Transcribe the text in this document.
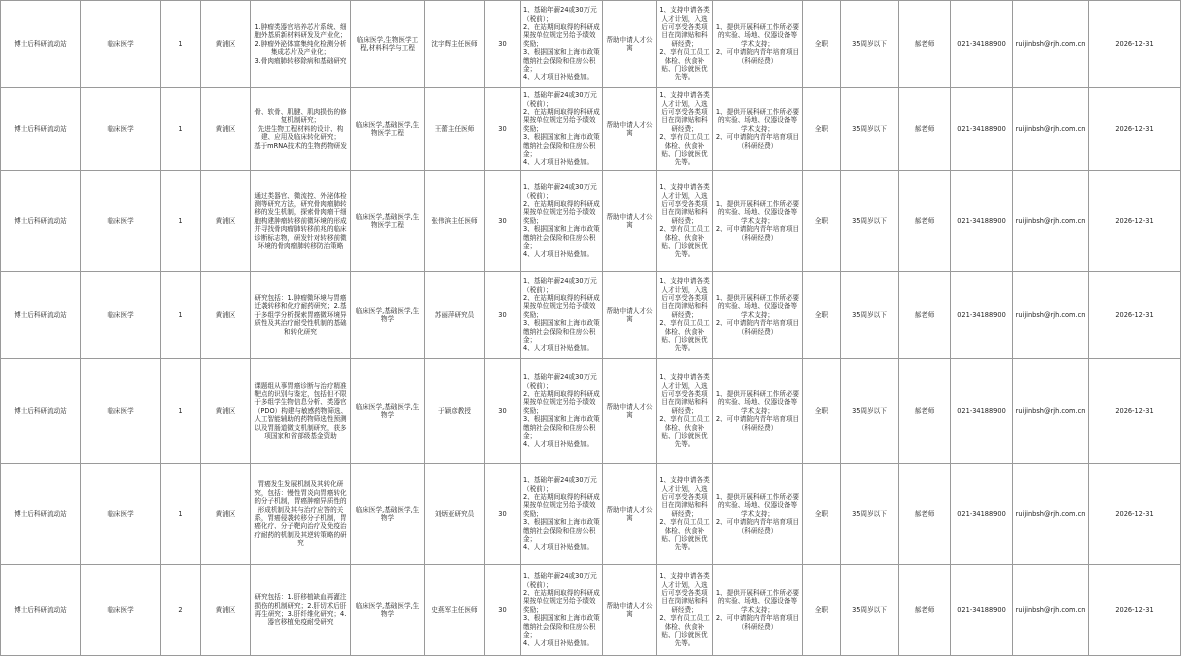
博士后科研流动站	临床医学	1	黄浦区	1.肿瘤类器官培养芯片系统、细胞外基质新材料研发及产业化；
2.肿瘤外泌体富集纯化检测分析集成芯片及产业化；
3.骨肉瘤肺转移除病和基础研究	临床医学,生物医学工程,材料科学与工程	沈宇辉主任医师	30	1、基础年薪24或30万元（税前）；
2、在站期间取得的科研成果按单位规定另给予绩效奖励；
3、根据国家和上海市政策缴纳社会保险和住房公积金；
4、人才项目补贴叠加。	帮助申请人才公寓	1、支持申请各类人才计划，入选后可享受各类项目在岗津贴和科研经费；
2、享有员工员工体检、伙食补贴、门诊就医优先等。	1、提供开展科研工作所必要的实验、场地、仪器设备等学术支持；
2、可申请院内青年培育项目（科研经费）	全职	35周岁以下	郝老师	021-34188900	ruijinbsh@rjh.com.cn	2026-12-31
博士后科研流动站	临床医学	1	黄浦区	骨、软骨、肌腱、肌肉损伤的修复机制研究；
先进生物工程材料的设计、构建、应用及临床转化研究；
基于mRNA技术的生物药物研发	临床医学,基础医学,生物医学工程	王蕾主任医师	30	1、基础年薪24或30万元（税前）；
2、在站期间取得的科研成果按单位规定另给予绩效奖励；
3、根据国家和上海市政策缴纳社会保险和住房公积金；
4、人才项目补贴叠加。	帮助申请人才公寓	1、支持申请各类人才计划，入选后可享受各类项目在岗津贴和科研经费；
2、享有员工员工体检、伙食补贴、门诊就医优先等。	1、提供开展科研工作所必要的实验、场地、仪器设备等学术支持；
2、可申请院内青年培育项目（科研经费）	全职	35周岁以下	郝老师	021-34188900	ruijinbsh@rjh.com.cn	2026-12-31
博士后科研流动站	临床医学	1	黄浦区	通过类器官、微流控、外泌体检测等研究方法，研究骨肉瘤肺转移的发生机制，探索骨肉瘤干细胞构建肿瘤转移前微环境的形成并寻找骨肉瘤肺转移前兆的临床诊断标志物，研发针对转移前微环境的骨肉瘤肺转移防治策略	临床医学,基础医学,生物医学工程	张伟滨主任医师	30	1、基础年薪24或30万元（税前）；
2、在站期间取得的科研成果按单位规定另给予绩效奖励；
3、根据国家和上海市政策缴纳社会保险和住房公积金；
4、人才项目补贴叠加。	帮助申请人才公寓	1、支持申请各类人才计划，入选后可享受各类项目在岗津贴和科研经费；
2、享有员工员工体检、伙食补贴、门诊就医优先等。	1、提供开展科研工作所必要的实验、场地、仪器设备等学术支持；
2、可申请院内青年培育项目（科研经费）	全职	35周岁以下	郝老师	021-34188900	ruijinbsh@rjh.com.cn	2026-12-31
博士后科研流动站	临床医学	1	黄浦区	研究包括：1.肿瘤微环境与胃癌迁袭转移和化疗耐药研究；2.基于多组学分析探索胃癌微环境异质性及其治疗耐受性机制的基础和转化研究	临床医学,基础医学,生物学	苏丽萍研究员	30	1、基础年薪24或30万元（税前）；
2、在站期间取得的科研成果按单位规定另给予绩效奖励；
3、根据国家和上海市政策缴纳社会保险和住房公积金；
4、人才项目补贴叠加。	帮助申请人才公寓	1、支持申请各类人才计划，入选后可享受各类项目在岗津贴和科研经费；
2、享有员工员工体检、伙食补贴、门诊就医优先等。	1、提供开展科研工作所必要的实验、场地、仪器设备等学术支持；
2、可申请院内青年培育项目（科研经费）	全职	35周岁以下	郝老师	021-34188900	ruijinbsh@rjh.com.cn	2026-12-31
博士后科研流动站	临床医学	1	黄浦区	课题组从事胃癌诊断与治疗精准靶点的识别与鉴定，包括但不限于多组学生物信息分析、类器官（PDO）构建与敏感药物筛选、人工智能辅助的药物筛选性预测以及胃肠道微支机制研究，获多项国家和省部级基金资助	临床医学,基础医学,生物学	于颖彦教授	30	1、基础年薪24或30万元（税前）；
2、在站期间取得的科研成果按单位规定另给予绩效奖励；
3、根据国家和上海市政策缴纳社会保险和住房公积金；
4、人才项目补贴叠加。	帮助申请人才公寓	1、支持申请各类人才计划，入选后可享受各类项目在岗津贴和科研经费；
2、享有员工员工体检、伙食补贴、门诊就医优先等。	1、提供开展科研工作所必要的实验、场地、仪器设备等学术支持；
2、可申请院内青年培育项目（科研经费）	全职	35周岁以下	郝老师	021-34188900	ruijinbsh@rjh.com.cn	2026-12-31
博士后科研流动站	临床医学	1	黄浦区	胃癌发生发展机制及其转化研究，包括：慢性胃炎向胃癌转化的分子机制，胃癌肿瘤异质性的形成机制及其与治疗应答的关系，胃癌侵袭转移分子机制，胃癌化疗、分子靶向治疗及免疫治疗耐药的机制及其逆转策略的研究	临床医学,基础医学,生物学	刘炳亚研究员	30	1、基础年薪24或30万元（税前）；
2、在站期间取得的科研成果按单位规定另给予绩效奖励；
3、根据国家和上海市政策缴纳社会保险和住房公积金；
4、人才项目补贴叠加。	帮助申请人才公寓	1、支持申请各类人才计划，入选后可享受各类项目在岗津贴和科研经费；
2、享有员工员工体检、伙食补贴、门诊就医优先等。	1、提供开展科研工作所必要的实验、场地、仪器设备等学术支持；
2、可申请院内青年培育项目（科研经费）	全职	35周岁以下	郝老师	021-34188900	ruijinbsh@rjh.com.cn	2026-12-31
博士后科研流动站	临床医学	2	黄浦区	研究包括：1.肝移植缺血再灌注损伤的机制研究；2.肝切术后肝再生研究；3.肝纤维化研究；4.器官移植免疫耐受研究	临床医学,基础医学,生物学	史燕军主任医师	30	1、基础年薪24或30万元（税前）；
2、在站期间取得的科研成果按单位规定另给予绩效奖励；
3、根据国家和上海市政策缴纳社会保险和住房公积金；
4、人才项目补贴叠加。	帮助申请人才公寓	1、支持申请各类人才计划，入选后可享受各类项目在岗津贴和科研经费；
2、享有员工员工体检、伙食补贴、门诊就医优先等。	1、提供开展科研工作所必要的实验、场地、仪器设备等学术支持；
2、可申请院内青年培育项目（科研经费）	全职	35周岁以下	郝老师	021-34188900	ruijinbsh@rjh.com.cn	2026-12-31
